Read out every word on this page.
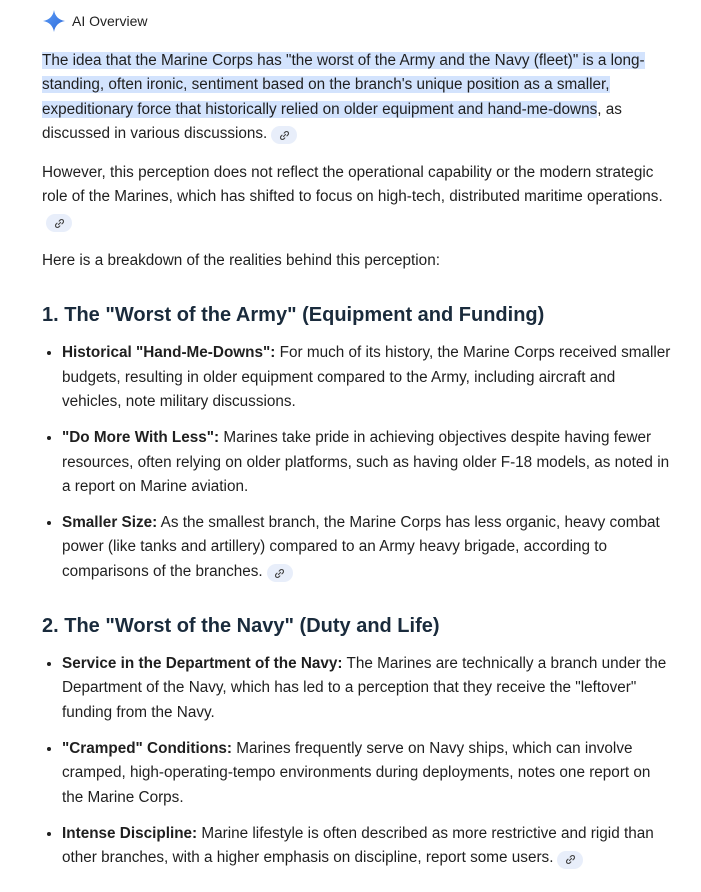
AI Overview

The idea that the Marine Corps has "the worst of the Army and the Navy (fleet)" is a long-standing, often ironic, sentiment based on the branch's unique position as a smaller, expeditionary force that historically relied on older equipment and hand-me-downs, as discussed in various discussions.

However, this perception does not reflect the operational capability or the modern strategic role of the Marines, which has shifted to focus on high-tech, distributed maritime operations.

Here is a breakdown of the realities behind this perception:

1. The "Worst of the Army" (Equipment and Funding)
• Historical "Hand-Me-Downs": For much of its history, the Marine Corps received smaller budgets, resulting in older equipment compared to the Army, including aircraft and vehicles, note military discussions.
• "Do More With Less": Marines take pride in achieving objectives despite having fewer resources, often relying on older platforms, such as having older F-18 models, as noted in a report on Marine aviation.
• Smaller Size: As the smallest branch, the Marine Corps has less organic, heavy combat power (like tanks and artillery) compared to an Army heavy brigade, according to comparisons of the branches.
2. The "Worst of the Navy" (Duty and Life)
• Service in the Department of the Navy: The Marines are technically a branch under the Department of the Navy, which has led to a perception that they receive the "leftover" funding from the Navy.
• "Cramped" Conditions: Marines frequently serve on Navy ships, which can involve cramped, high-operating-tempo environments during deployments, notes one report on the Marine Corps.
• Intense Discipline: Marine lifestyle is often described as more restrictive and rigid than other branches, with a higher emphasis on discipline, report some users.
